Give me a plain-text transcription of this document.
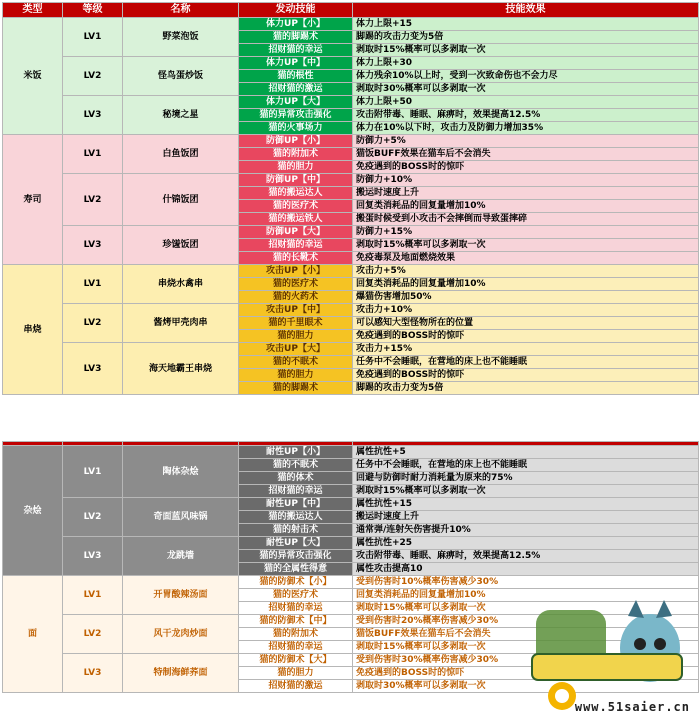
类型	等级	名称	发动技能	技能效果
米饭	LV1	野菜泡饭	体力UP【小】	体力上限+15
			猫的脚踢术	脚踢的攻击力变为5倍
			招财猫的幸运	剥取时15%概率可以多剥取一次
	LV2	怪鸟蛋炒饭	体力UP【中】	体力上限+30
			猫的根性	体力残余10%以上时，受到一次致命伤也不会力尽
			招财猫的激运	剥取时30%概率可以多剥取一次
	LV3	秘境之星	体力UP【大】	体力上限+50
			猫的异常攻击强化	攻击附带毒、睡眠、麻痹时，效果提高12.5%
			猫的火事场力	体力在10%以下时，攻击力及防御力增加35%
寿司	LV1	白鱼饭团	防御UP【小】	防御力+5%
			猫的附加术	猫饭BUFF效果在猫车后不会消失
			猫的胆力	免疫遇到的BOSS时的惊吓
	LV2	什锦饭团	防御UP【中】	防御力+10%
			猫的搬运达人	搬运时速度上升
			猫的医疗术	回复类消耗品的回复量增加10%
			猫的搬运铁人	搬蛋时候受到小攻击不会摔倒而导致蛋摔碎
	LV3	珍馐饭团	防御UP【大】	防御力+15%
			招财猫的幸运	剥取时15%概率可以多剥取一次
			猫的长靴术	免疫毒泵及地面燃烧效果
串烧	LV1	串烧水禽串	攻击UP【小】	攻击力+5%
			猫的医疗术	回复类消耗品的回复量增加10%
			猫的火药术	爆猫伤害增加50%
	LV2	酱烤甲壳肉串	攻击UP【中】	攻击力+10%
			猫的千里眼术	可以感知大型怪物所在的位置
			猫的胆力	免疫遇到的BOSS时的惊吓
	LV3	海天地霸王串烧	攻击UP【大】	攻击力+15%
			猫的不眠术	任务中不会睡眠，在营地的床上也不能睡眠
			猫的胆力	免疫遇到的BOSS时的惊吓
			猫的脚踢术	脚踢的攻击力变为5倍

杂烩	LV1	陶体杂烩	耐性UP【小】	属性抗性+5
			猫的不眠术	任务中不会睡眠，在营地的床上也不能睡眠
			猫的体术	回避与防御时耐力消耗量为原来的75%
			招财猫的幸运	剥取时15%概率可以多剥取一次
	LV2	奇面蓝风味锅	耐性UP【中】	属性抗性+15
			猫的搬运达人	搬运时速度上升
			猫的射击术	通常弹/连射矢伤害提升10%
	LV3	龙跳墙	耐性UP【大】	属性抗性+25
			猫的异常攻击强化	攻击附带毒、睡眠、麻痹时，效果提高12.5%
			猫的全属性得意	属性攻击提高10
面	LV1	开胃酸辣汤面	猫的防御术【小】	受到伤害时10%概率伤害减少30%
			猫的医疗术	回复类消耗品的回复量增加10%
			招财猫的幸运	剥取时15%概率可以多剥取一次
	LV2	风干龙肉炒面	猫的防御术【中】	受到伤害时20%概率伤害减少30%
			猫的附加术	猫饭BUFF效果在猫车后不会消失
			招财猫的幸运	剥取时15%概率可以多剥取一次
	LV3	特制海鲜荞面	猫的防御术【大】	受到伤害时30%概率伤害减少30%
			猫的胆力	免疫遇到的BOSS时的惊吓
			招财猫的激运	剥取时30%概率可以多剥取一次
www.51saier.cn
